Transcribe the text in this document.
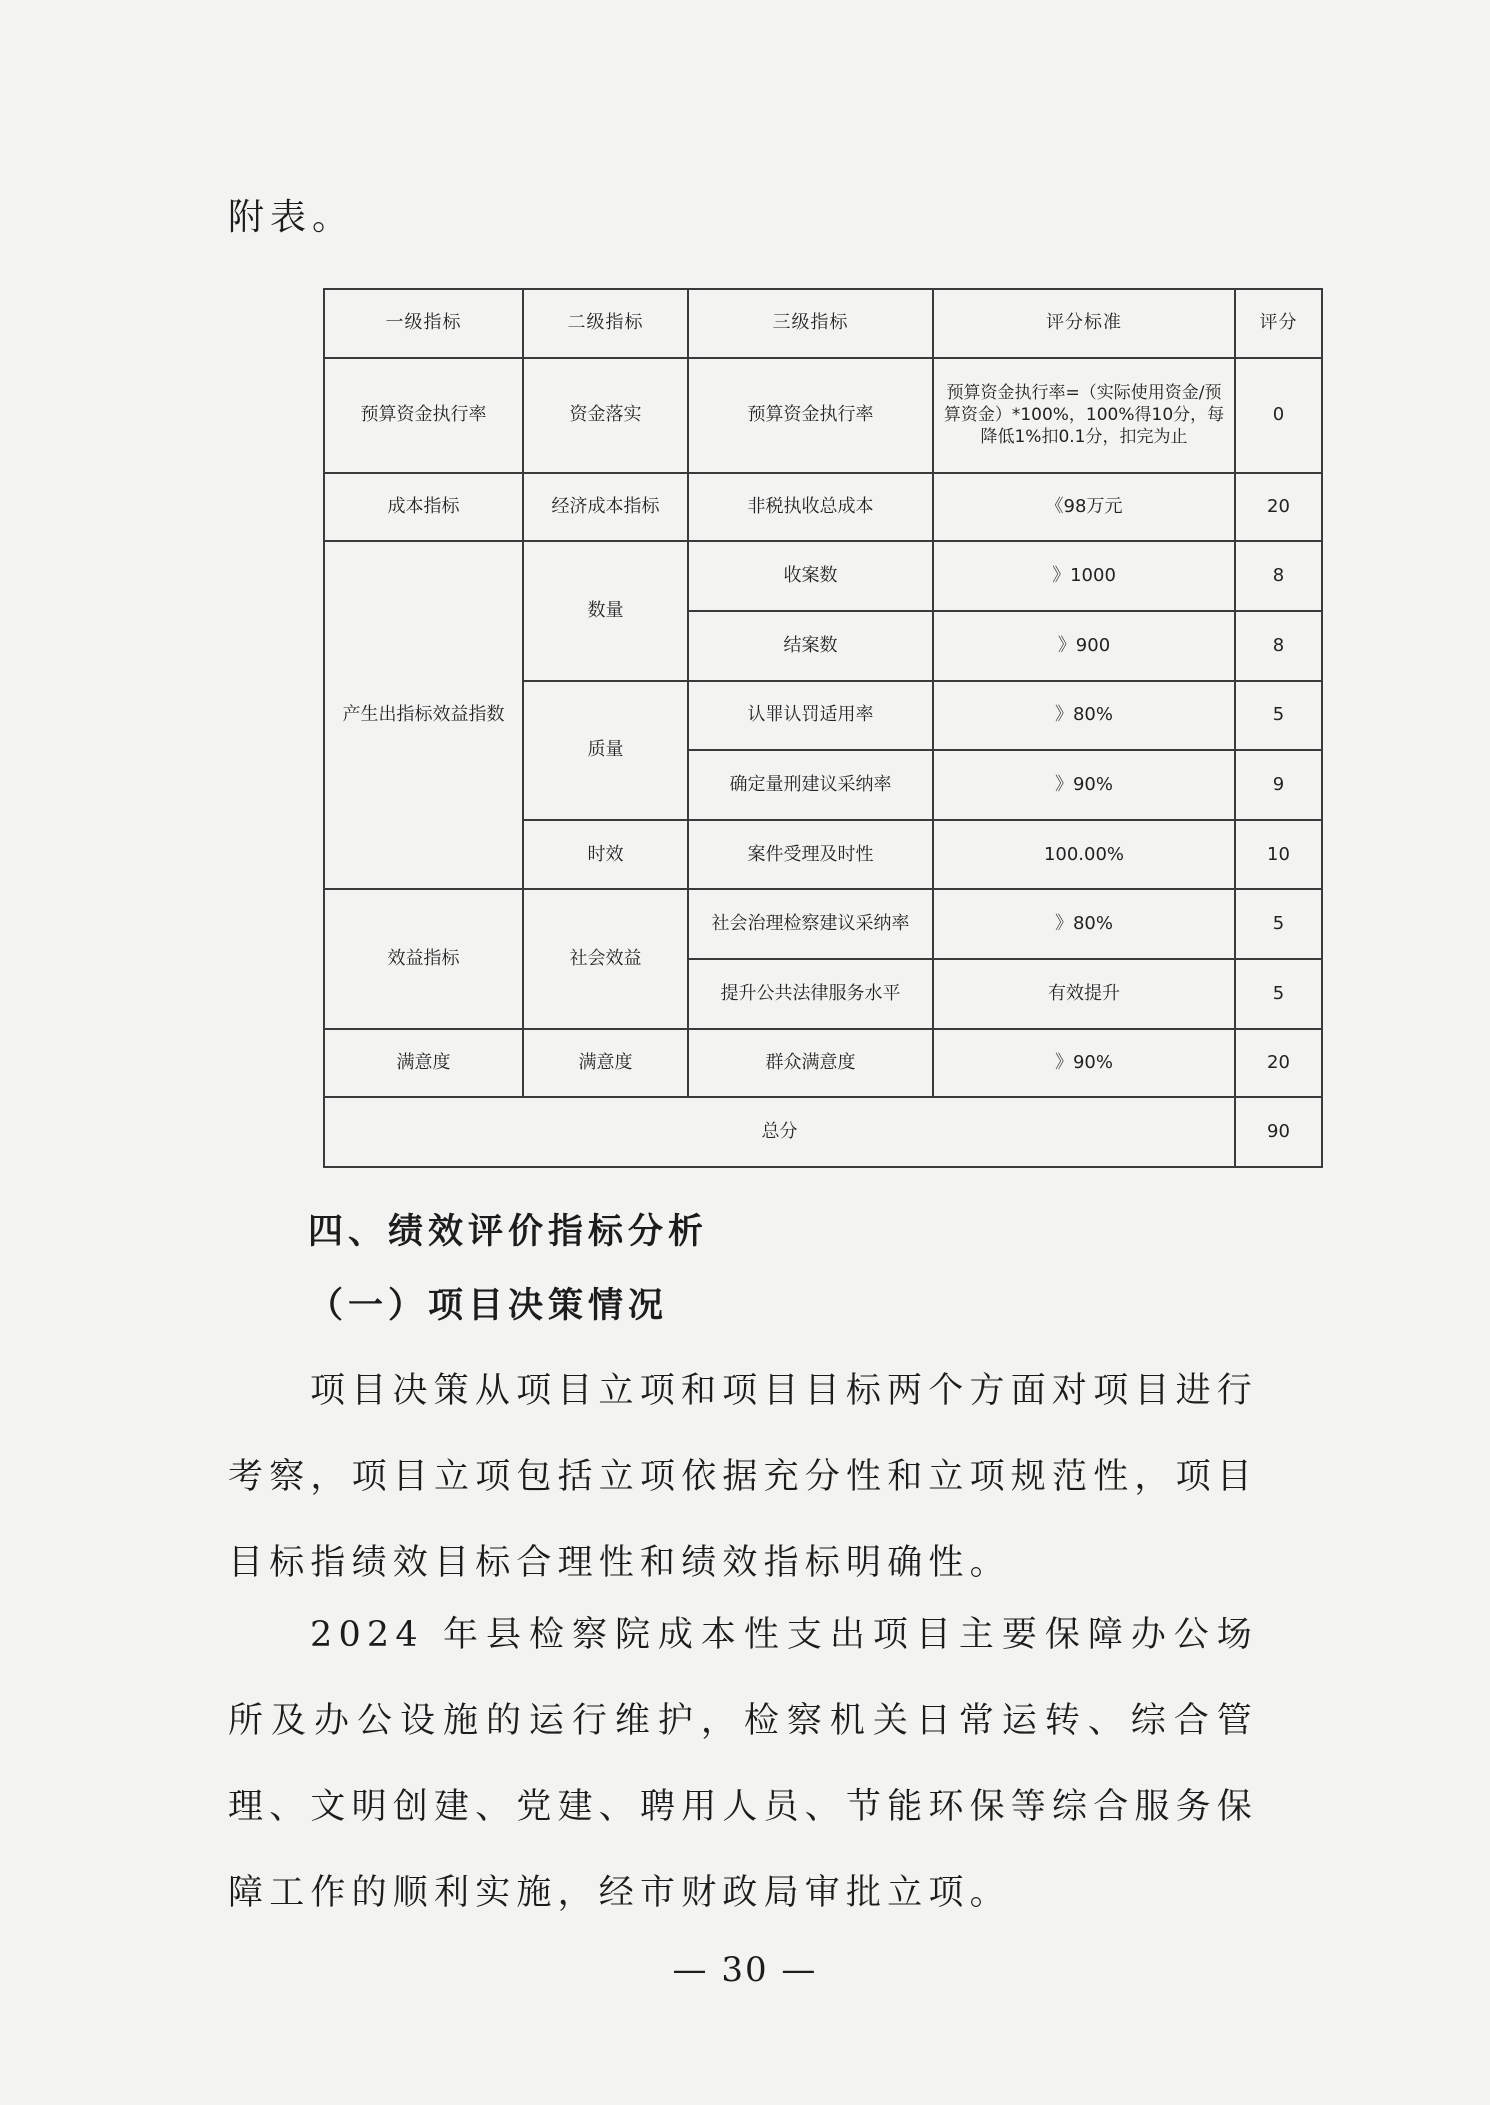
附表。
一级指标	二级指标	三级指标	评分标准	评分
预算资金执行率	资金落实	预算资金执行率	预算资金执行率=（实际使用资金/预算资金）*100%，100%得10分，每降低1%扣0.1分，扣完为止	0
成本指标	经济成本指标	非税执收总成本	《98万元	20
产生出指标效益指数	数量	收案数	》1000	8
		结案数	》900	8
	质量	认罪认罚适用率	》80%	5
		确定量刑建议采纳率	》90%	9
	时效	案件受理及时性	100.00%	10
效益指标	社会效益	社会治理检察建议采纳率	》80%	5
		提升公共法律服务水平	有效提升	5
满意度	满意度	群众满意度	》90%	20
总分				90
四、绩效评价指标分析
（一）项目决策情况
项目决策从项目立项和项目目标两个方面对项目进行考察，项目立项包括立项依据充分性和立项规范性，项目目标指绩效目标合理性和绩效指标明确性。
2024 年县检察院成本性支出项目主要保障办公场所及办公设施的运行维护，检察机关日常运转、综合管理、文明创建、党建、聘用人员、节能环保等综合服务保障工作的顺利实施，经市财政局审批立项。
— 30 —
